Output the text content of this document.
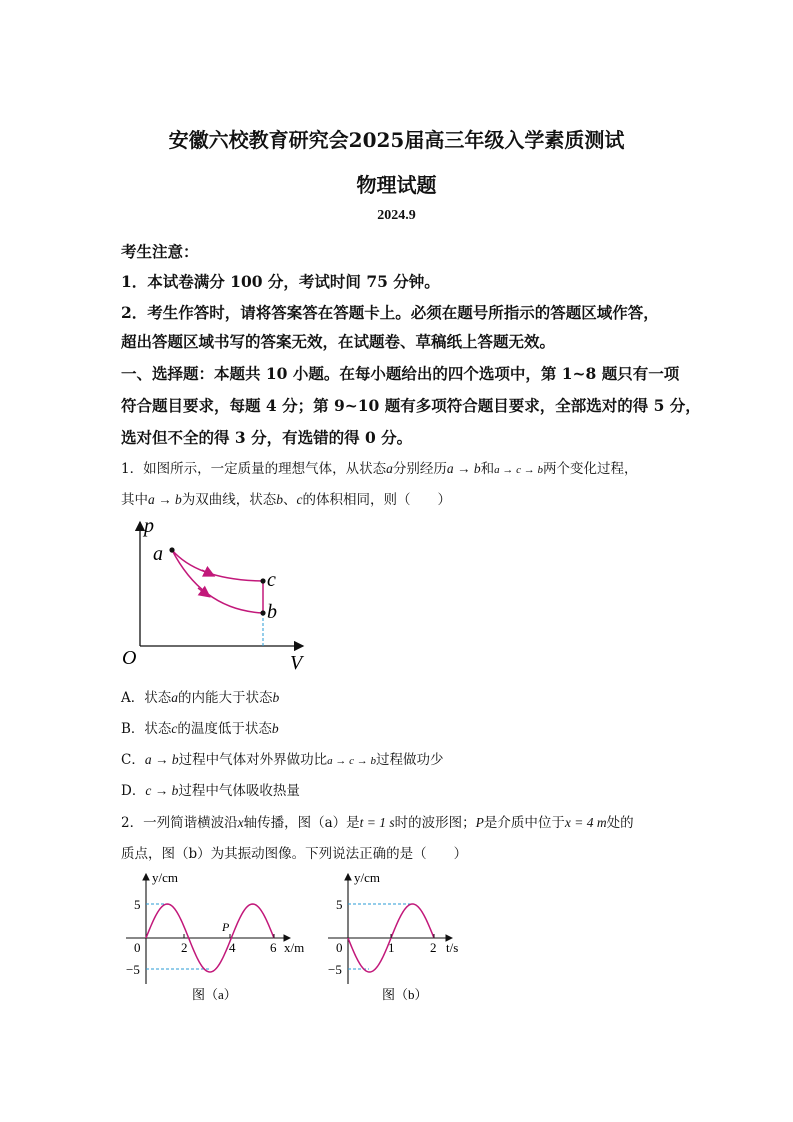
安徽六校教育研究会2025届高三年级入学素质测试
物理试题
2024.9
考生注意：
1．本试卷满分 100 分，考试时间 75 分钟。
2．考生作答时，请将答案答在答题卡上。必须在题号所指示的答题区域作答，
超出答题区域书写的答案无效，在试题卷、草稿纸上答题无效。
一、选择题：本题共 10 小题。在每小题给出的四个选项中，第 1~8 题只有一项
符合题目要求，每题 4 分；第 9~10 题有多项符合题目要求，全部选对的得 5 分，
选对但不全的得 3 分，有选错的得 0 分。
1．如图所示，一定质量的理想气体，从状态a分别经历a → b和a → c → b两个变化过程，
其中a → b为双曲线，状态b、c的体积相同，则（　　）
p
V
O
a
c
b
A．状态a的内能大于状态b
B．状态c的温度低于状态b
C．a → b过程中气体对外界做功比a → c → b过程做功少
D．c → b过程中气体吸收热量
2．一列简谐横波沿x轴传播，图（a）是t = 1 s时的波形图；P是介质中位于x = 4 m处的
质点，图（b）为其振动图像。下列说法正确的是（　　）
y/cm
x/m
0
5
−5
2	4	6
P
图（a）
y/cm
t/s
0
5
−5
1	2
图（b）
